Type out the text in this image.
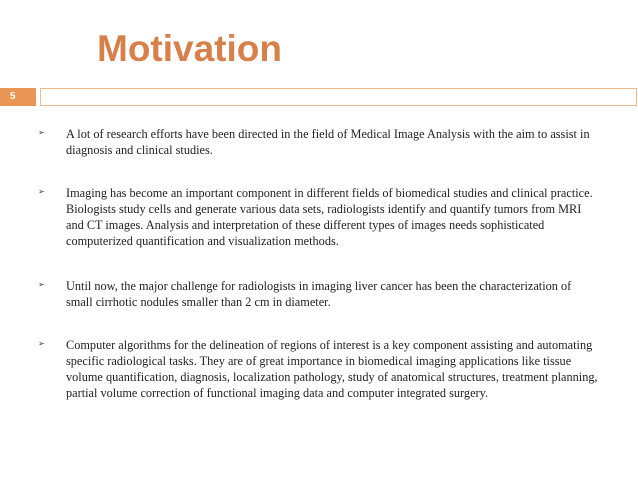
Motivation
5
➢ A lot of research efforts have been directed in the field of Medical Image Analysis with the aim to assist in diagnosis and clinical studies.
➢ Imaging has become an important component in different fields of biomedical studies and clinical practice. Biologists study cells and generate various data sets, radiologists identify and quantify tumors from MRI and CT images. Analysis and interpretation of these different types of images needs sophisticated computerized quantification and visualization methods.
➢ Until now, the major challenge for radiologists in imaging liver cancer has been the characterization of small cirrhotic nodules smaller than 2 cm in diameter.
➢ Computer algorithms for the delineation of regions of interest is a key component assisting and automating specific radiological tasks. They are of great importance in biomedical imaging applications like tissue volume quantification, diagnosis, localization pathology, study of anatomical structures, treatment planning, partial volume correction of functional imaging data and computer integrated surgery.
